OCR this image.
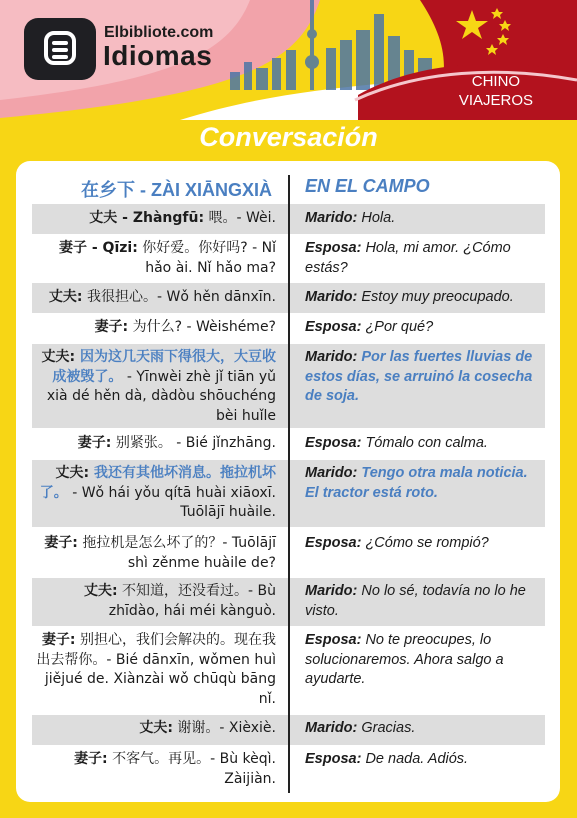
Elbibliote.com
Idiomas
CHINO
VIAJEROS
Conversación
在乡下 - ZÀI XIĀNGXIÀ EN EL CAMPO
丈夫 - Zhàngfū: 喂。- Wèi. Marido: Hola.
妻子 - Qīzi: 你好爱。你好吗? - Nǐ hǎo ài. Nǐ hǎo ma?
Esposa: Hola, mi amor. ¿Cómo estás?
丈夫: 我很担心。- Wǒ hěn dānxīn. Marido: Estoy muy preocupado.
妻子: 为什么? - Wèishéme? Esposa: ¿Por qué?
丈夫: 因为这几天雨下得很大，大豆收成被毁了。 - Yīnwèi zhè jǐ tiān yǔ xià dé hěn dà, dàdòu shōuchéng bèi huǐle
Marido: Por las fuertes lluvias de estos días, se arruinó la cosecha de soja.
妻子: 别紧张。 - Bié jǐnzhāng. Esposa: Tómalo con calma.
丈夫: 我还有其他坏消息。拖拉机坏了。 - Wǒ hái yǒu qítā huài xiāoxī. Tuōlājī huàile.
Marido: Tengo otra mala noticia. El tractor está roto.
妻子: 拖拉机是怎么坏了的？- Tuōlājī shì zěnme huàile de?
Esposa: ¿Cómo se rompió?
丈夫: 不知道，还没看过。- Bù zhīdào, hái méi kànguò.
Marido: No lo sé, todavía no lo he visto.
妻子: 别担心，我们会解决的。现在我出去帮你。- Bié dānxīn, wǒmen huì jiějué de. Xiànzài wǒ chūqù bāng nǐ.
Esposa: No te preocupes, lo solucionaremos. Ahora salgo a ayudarte.
丈夫: 谢谢。- Xièxiè. Marido: Gracias.
妻子: 不客气。再见。- Bù kèqì. Zàijiàn.
Esposa: De nada. Adiós.
